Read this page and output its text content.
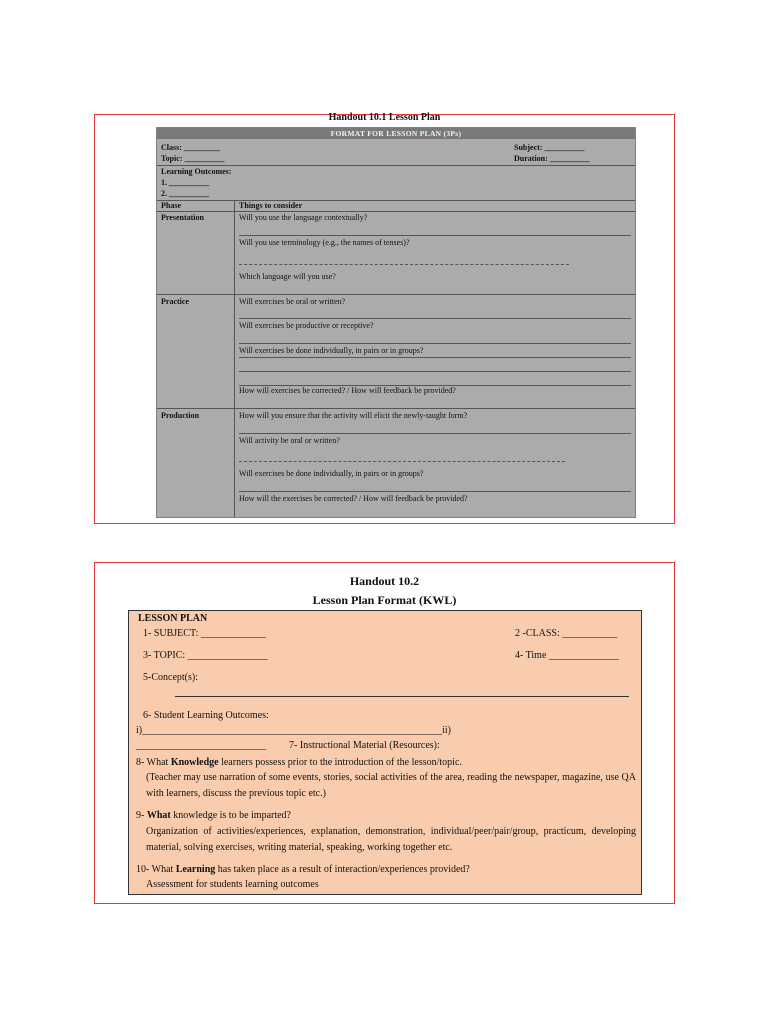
Handout 10.1 Lesson Plan
FORMAT FOR LESSON PLAN (3Ps)
Class: _________
Topic: __________
Subject: __________
Duration: __________
Learning Outcomes:
1. __________
2. __________
Phase	Things to consider
Presentation	Will you use the language contextually?
Will you use terminology (e.g., the names of tenses)?
Which language will you use?
Practice	Will exercises be oral or written?
Will exercises be productive or receptive?
Will exercises be done individually, in pairs or in groups?
How will exercises be corrected? / How will feedback be provided?
Production	How will you ensure that the activity will elicit the newly-taught form?
Will activity be oral or written?
Will exercises be done individually, in pairs or in groups?
How will the exercises be corrected? / How will feedback be provided?
Handout 10.2
Lesson Plan Format (KWL)
LESSON PLAN
1- SUBJECT: _____________	2 -CLASS: ___________
3- TOPIC: ________________	4- Time ______________
5-Concept(s):
6- Student Learning Outcomes:
i)____________________________________________________________ii)
__________________________ 7- Instructional Material (Resources):
8- What Knowledge learners possess prior to the introduction of the lesson/topic.
(Teacher may use narration of some events, stories, social activities of the area, reading the newspaper, magazine, use QA with learners, discuss the previous topic etc.)
9- What knowledge is to be imparted?
Organization of activities/experiences, explanation, demonstration, individual/peer/pair/group, practicum, developing material, solving exercises, writing material, speaking, working together etc.
10- What Learning has taken place as a result of interaction/experiences provided?
Assessment for students learning outcomes
